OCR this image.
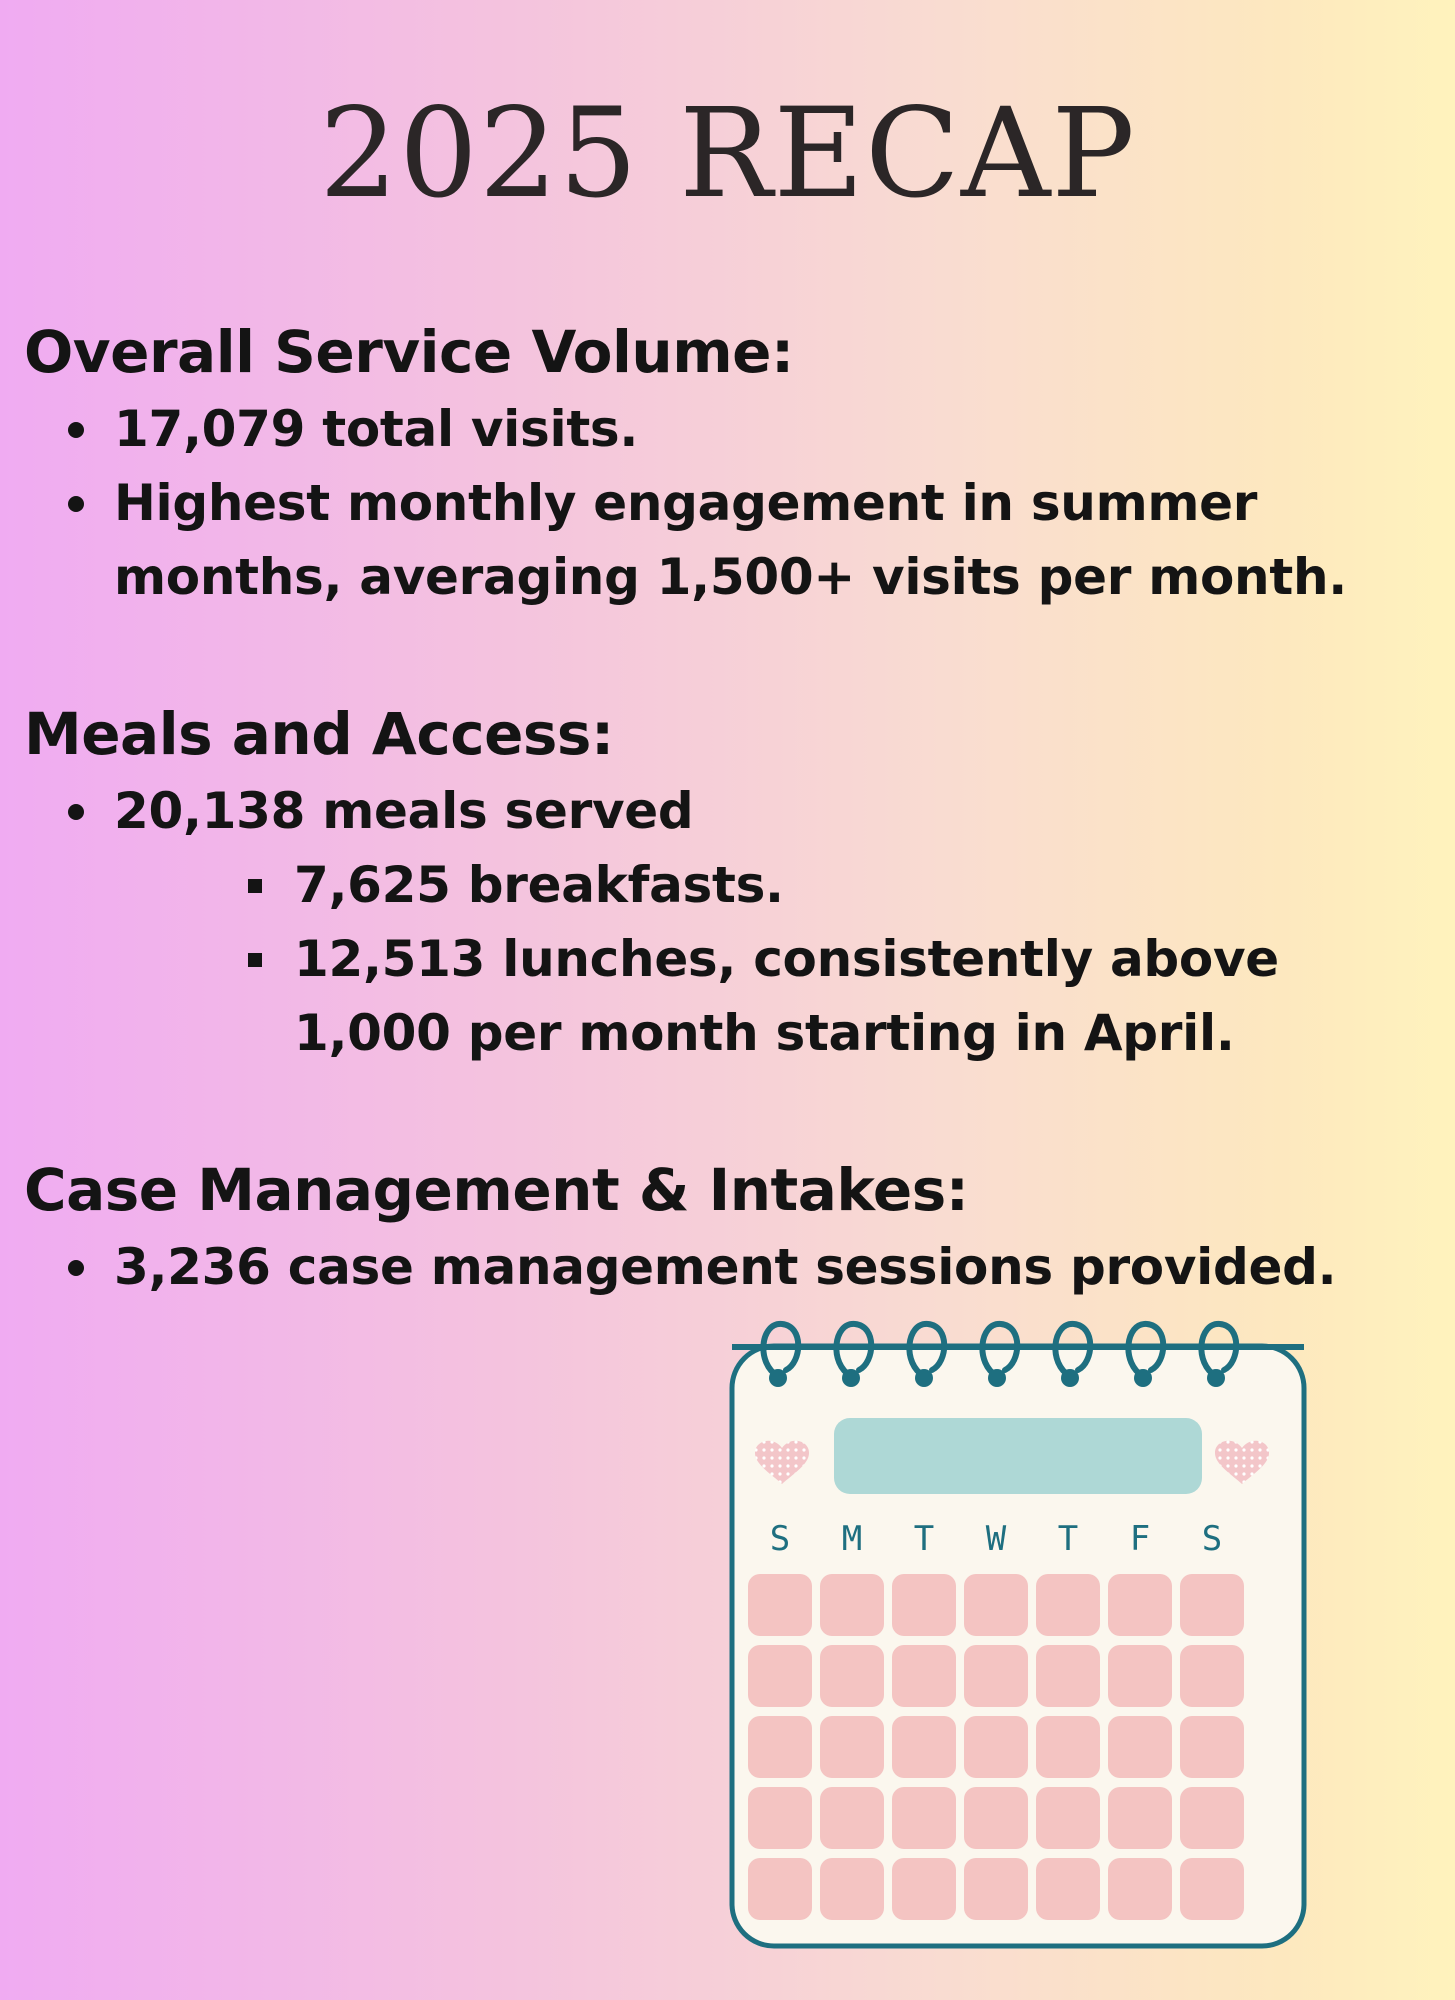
2025 RECAP
Overall Service Volume:
17,079 total visits.
Highest monthly engagement in summer months, averaging 1,500+ visits per month.
Meals and Access:
20,138 meals served
7,625 breakfasts.
12,513 lunches, consistently above 1,000 per month starting in April.
Case Management & Intakes:
3,236 case management sessions provided.
S M T W T F S
